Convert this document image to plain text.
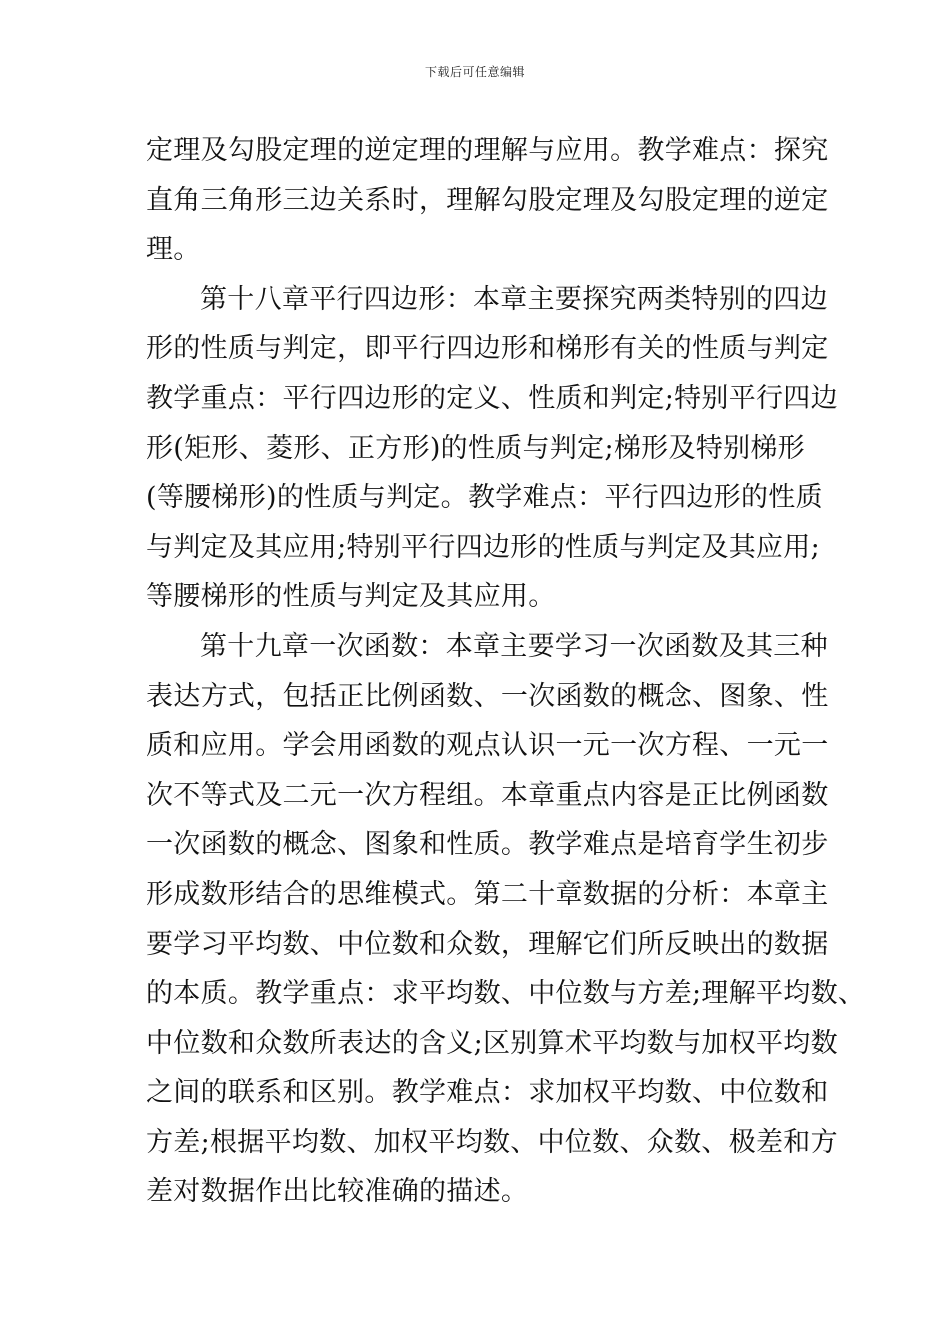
下载后可任意编辑
定理及勾股定理的逆定理的理解与应用。教学难点：探究
直角三角形三边关系时，理解勾股定理及勾股定理的逆定
理。
第十八章平行四边形：本章主要探究两类特别的四边
形的性质与判定，即平行四边形和梯形有关的性质与判定
教学重点：平行四边形的定义、性质和判定;特别平行四边
形(矩形、菱形、正方形)的性质与判定;梯形及特别梯形
(等腰梯形)的性质与判定。教学难点：平行四边形的性质
与判定及其应用;特别平行四边形的性质与判定及其应用;
等腰梯形的性质与判定及其应用。
第十九章一次函数：本章主要学习一次函数及其三种
表达方式，包括正比例函数、一次函数的概念、图象、性
质和应用。学会用函数的观点认识一元一次方程、一元一
次不等式及二元一次方程组。本章重点内容是正比例函数
一次函数的概念、图象和性质。教学难点是培育学生初步
形成数形结合的思维模式。第二十章数据的分析：本章主
要学习平均数、中位数和众数，理解它们所反映出的数据
的本质。教学重点：求平均数、中位数与方差;理解平均数、
中位数和众数所表达的含义;区别算术平均数与加权平均数
之间的联系和区别。教学难点：求加权平均数、中位数和
方差;根据平均数、加权平均数、中位数、众数、极差和方
差对数据作出比较准确的描述。
